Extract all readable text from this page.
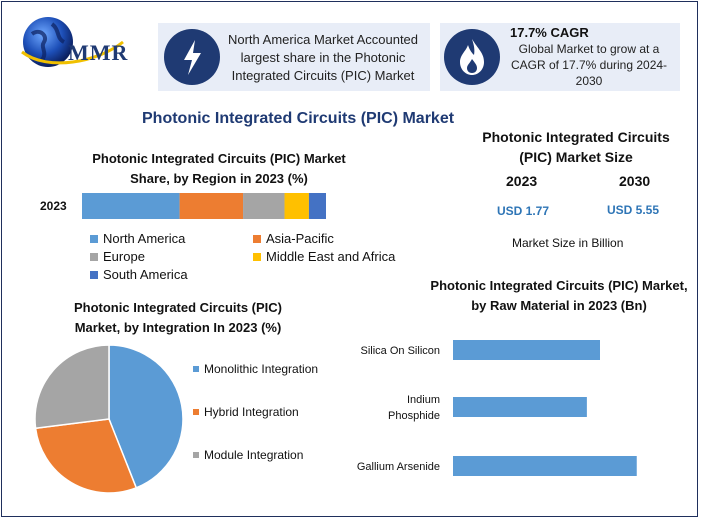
MMR
North America Market Accounted largest share in the Photonic Integrated Circuits (PIC) Market
17.7% CAGR
Global Market to grow at a CAGR of 17.7% during 2024-2030
Photonic Integrated Circuits (PIC) Market
Photonic Integrated Circuits (PIC) Market Share, by Region in 2023 (%)
2023
North America	Asia-Pacific
Europe	Middle East and Africa
South America
Photonic Integrated Circuits (PIC) Market Size
2023	2030
USD 1.77	USD 5.55
Market Size in Billion
Photonic Integrated Circuits (PIC) Market, by Integration In 2023 (%)
Monolithic Integration
Hybrid Integration
Module Integration
Photonic Integrated Circuits (PIC) Market, by Raw Material in 2023 (Bn)
Silica On Silicon
Indium Phosphide
Gallium Arsenide
